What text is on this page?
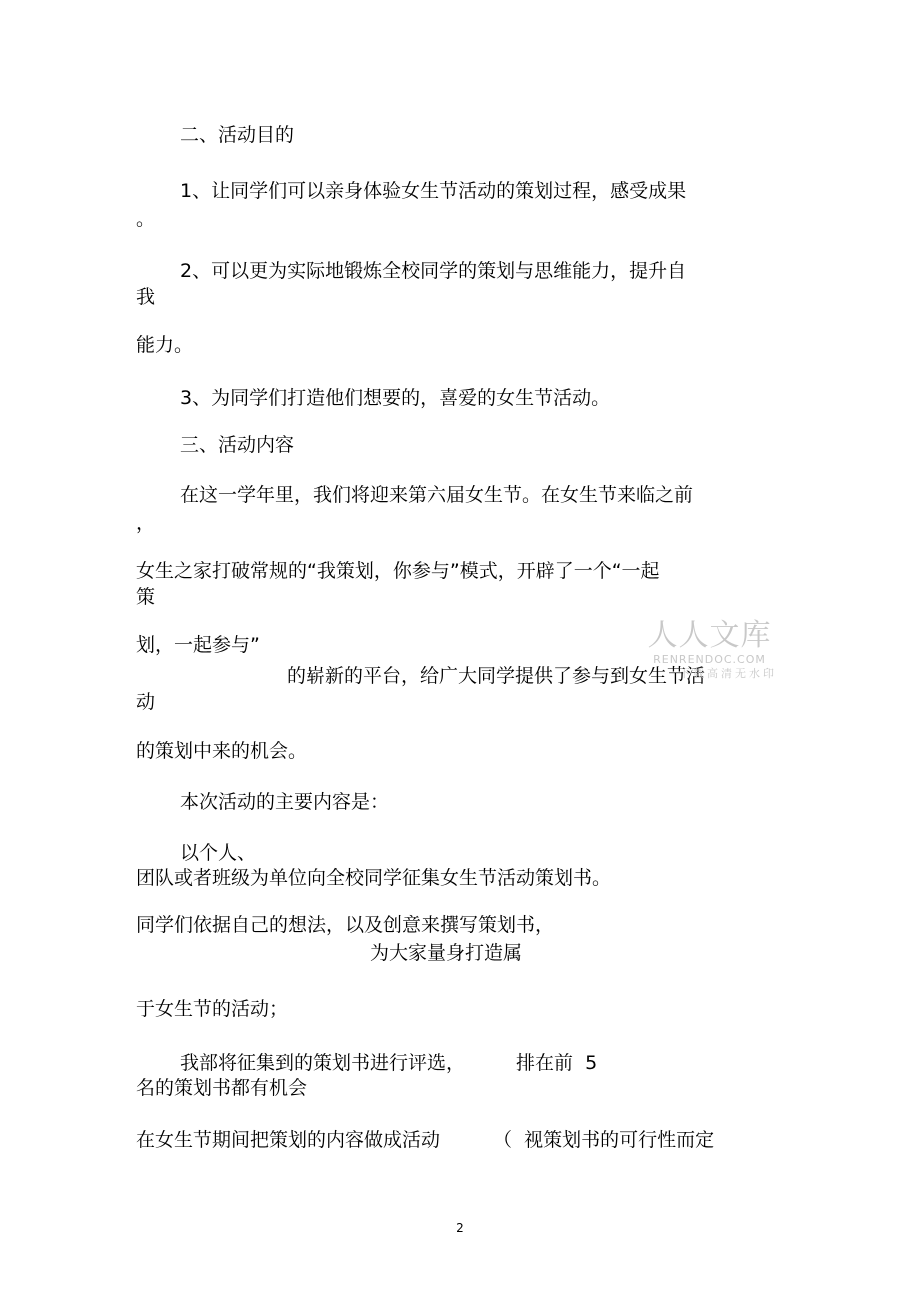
二、活动目的

1、让同学们可以亲身体验女生节活动的策划过程，感受成果

。

2、可以更为实际地锻炼全校同学的策划与思维能力，提升自

我

能力。

3、为同学们打造他们想要的，喜爱的女生节活动。

三、活动内容

在这一学年里，我们将迎来第六届女生节。在女生节来临之前

，

女生之家打破常规的“我策划，你参与”模式，开辟了一个“一起

策

划，一起参与”

的崭新的平台，给广大同学提供了参与到女生节活

动

的策划中来的机会。

本次活动的主要内容是：

以个人、

团队或者班级为单位向全校同学征集女生节活动策划书。

同学们依据自己的想法，以及创意来撰写策划书，

为大家量身打造属

于女生节的活动；

我部将征集到的策划书进行评选，	排在前  5

名的策划书都有机会

在女生节期间把策划的内容做成活动	（  视策划书的可行性而定

人人文库
RENRENDOC.COM
下载高清无水印
2
